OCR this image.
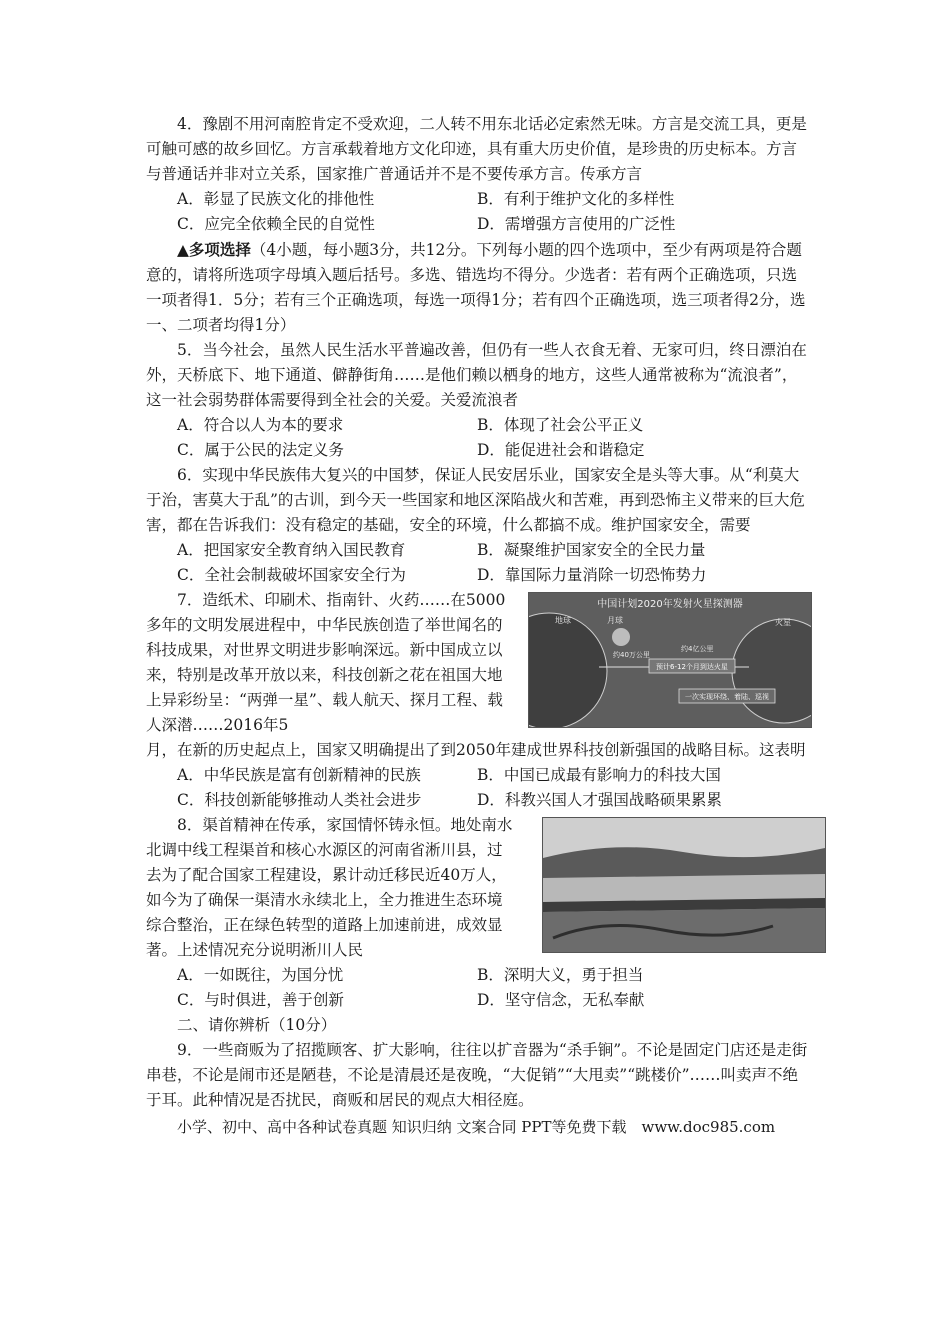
4．豫剧不用河南腔肯定不受欢迎，二人转不用东北话必定索然无味。方言是交流工具，更是可触可感的故乡回忆。方言承载着地方文化印迹，具有重大历史价值，是珍贵的历史标本。方言与普通话并非对立关系，国家推广普通话并不是不要传承方言。传承方言

A．彰显了民族文化的排他性	B．有利于维护文化的多样性
C．应完全依赖全民的自觉性	D．需增强方言使用的广泛性

▲多项选择（4小题，每小题3分，共12分。下列每小题的四个选项中，至少有两项是符合题意的，请将所选项字母填入题后括号。多选、错选均不得分。少选者：若有两个正确选项，只选一项者得1．5分；若有三个正确选项，每选一项得1分；若有四个正确选项，选三项者得2分，选一、二项者均得1分）

5．当今社会，虽然人民生活水平普遍改善，但仍有一些人衣食无着、无家可归，终日漂泊在外，天桥底下、地下通道、僻静街角……是他们赖以栖身的地方，这些人通常被称为“流浪者”，这一社会弱势群体需要得到全社会的关爱。关爱流浪者

A．符合以人为本的要求	B．体现了社会公平正义
C．属于公民的法定义务	D．能促进社会和谐稳定

6．实现中华民族伟大复兴的中国梦，保证人民安居乐业，国家安全是头等大事。从“利莫大于治，害莫大于乱”的古训，到今天一些国家和地区深陷战火和苦难，再到恐怖主义带来的巨大危害，都在告诉我们：没有稳定的基础，安全的环境，什么都搞不成。维护国家安全，需要

A．把国家安全教育纳入国民教育	B．凝聚维护国家安全的全民力量
C．全社会制裁破坏国家安全行为	D．靠国际力量消除一切恐怖势力
中国计划2020年发射火星探测器
地球	月球	火星
约40万公里
约4亿公里
预计6-12个月到达火星
一次实现环绕、着陆、巡视

7．造纸术、印刷术、指南针、火药……在5000　多年的文明发展进程中，中华民族创造了举世闻名的科技成果，对世界文明进步影响深远。新中国成立以来，特别是改革开放以来，科技创新之花在祖国大地上异彩纷呈：“两弹一星”、载人航天、探月工程、载人深潜……2016年5

月，在新的历史起点上，国家又明确提出了到2050年建成世界科技创新强国的战略目标。这表明

A．中华民族是富有创新精神的民族	B．中国已成最有影响力的科技大国
C．科技创新能够推动人类社会进步	D．科教兴国人才强国战略硕果累累

8．渠首精神在传承，家国情怀铸永恒。地处南水北调中线工程渠首和核心水源区的河南省淅川县，过去为了配合国家工程建设，累计动迁移民近40万人，如今为了确保一渠清水永续北上，全力推进生态环境综合整治，正在绿色转型的道路上加速前进，成效显著。上述情况充分说明淅川人民

A．一如既往，为国分忧	B．深明大义，勇于担当
C．与时俱进，善于创新	D．坚守信念，无私奉献

二、请你辨析（10分）

9．一些商贩为了招揽顾客、扩大影响，往往以扩音器为“杀手锏”。不论是固定门店还是走街串巷，不论是闹市还是陋巷，不论是清晨还是夜晚，“大促销”“大甩卖”“跳楼价”……叫卖声不绝于耳。此种情况是否扰民，商贩和居民的观点大相径庭。

小学、初中、高中各种试卷真题 知识归纳 文案合同 PPT等免费下载　www.doc985.com
